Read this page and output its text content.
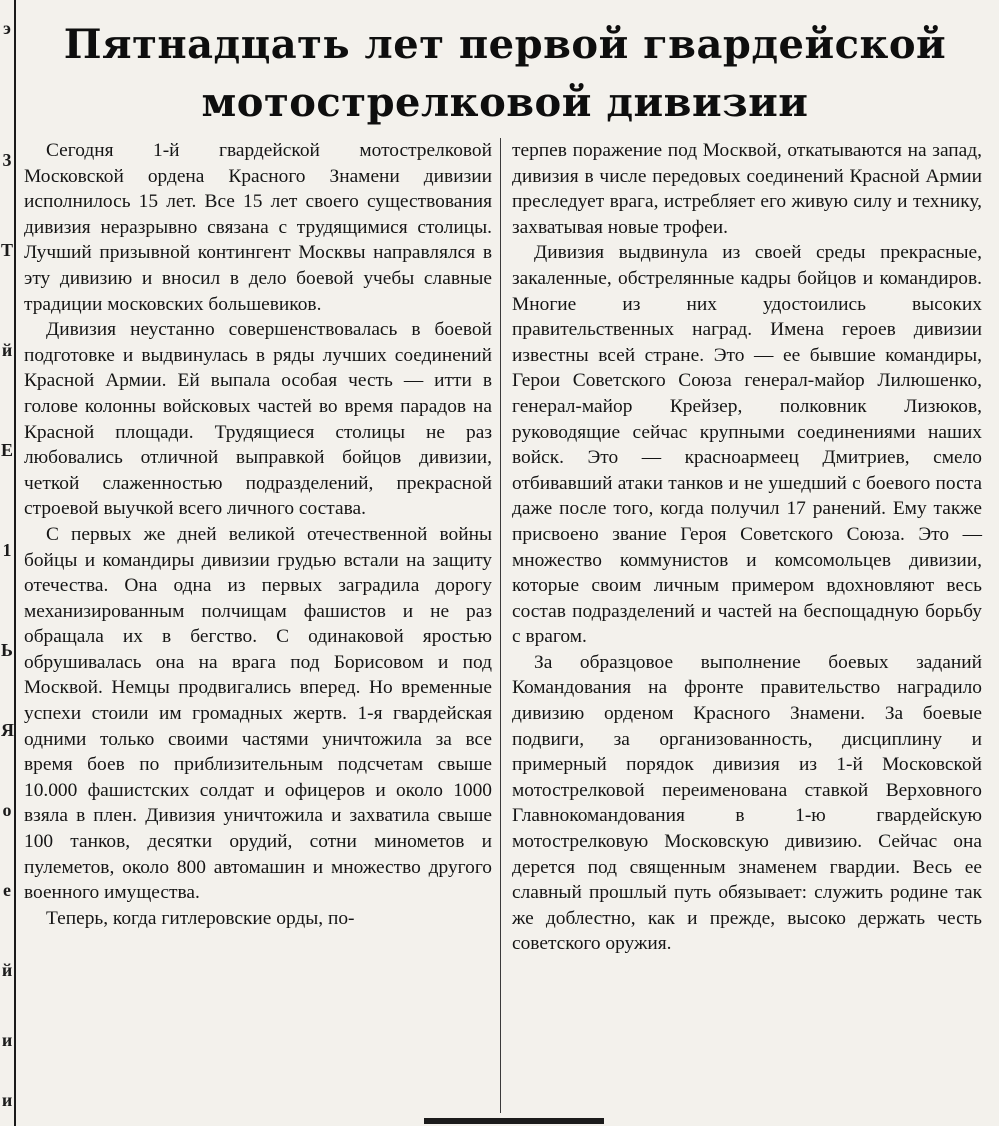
э
3
Т
й
Е
1
Ь
Я
о
е
й
и
и
Пятнадцать лет первой гвардейской
мотострелковой дивизии

Сегодня 1-й гвардейской мотострелковой Московской ордена Красного Знамени дивизии исполнилось 15 лет. Все 15 лет своего существования дивизия неразрывно связана с трудящимися столицы. Лучший призывной контингент Москвы направлялся в эту дивизию и вносил в дело боевой учебы славные традиции московских большевиков.

Дивизия неустанно совершенствовалась в боевой подготовке и выдвинулась в ряды лучших соединений Красной Армии. Ей выпала особая честь — итти в голове колонны войсковых частей во время парадов на Красной площади. Трудящиеся столицы не раз любовались отличной выправкой бойцов дивизии, четкой слаженностью подразделений, прекрасной строевой выучкой всего личного состава.

С первых же дней великой отечественной войны бойцы и командиры дивизии грудью встали на защиту отечества. Она одна из первых заградила дорогу механизированным полчищам фашистов и не раз обращала их в бегство. С одинаковой яростью обрушивалась она на врага под Борисовом и под Москвой. Немцы продвигались вперед. Но временные успехи стоили им громадных жертв. 1-я гвардейская одними только своими частями уничтожила за все время боев по приблизительным подсчетам свыше 10.000 фашистских солдат и офицеров и около 1000 взяла в плен. Дивизия уничтожила и захватила свыше 100 танков, десятки орудий, сотни минометов и пулеметов, около 800 автомашин и множество другого военного имущества.

Теперь, когда гитлеровские орды, по-

терпев поражение под Москвой, откатываются на запад, дивизия в числе передовых соединений Красной Армии преследует врага, истребляет его живую силу и технику, захватывая новые трофеи.

Дивизия выдвинула из своей среды прекрасные, закаленные, обстрелянные кадры бойцов и командиров. Многие из них удостоились высоких правительственных наград. Имена героев дивизии известны всей стране. Это — ее бывшие командиры, Герои Советского Союза генерал-майор Лилюшенко, генерал-майор Крейзер, полковник Лизюков, руководящие сейчас крупными соединениями наших войск. Это — красноармеец Дмитриев, смело отбивавший атаки танков и не ушедший с боевого поста даже после того, когда получил 17 ранений. Ему также присвоено звание Героя Советского Союза. Это — множество коммунистов и комсомольцев дивизии, которые своим личным примером вдохновляют весь состав подразделений и частей на беспощадную борьбу с врагом.

За образцовое выполнение боевых заданий Командования на фронте правительство наградило дивизию орденом Красного Знамени. За боевые подвиги, за организованность, дисциплину и примерный порядок дивизия из 1-й Московской мотострелковой переименована ставкой Верховного Главнокомандования в 1-ю гвардейскую мотострелковую Московскую дивизию. Сейчас она дерется под священным знаменем гвардии. Весь ее славный прошлый путь обязывает: служить родине так же доблестно, как и прежде, высоко держать честь советского оружия.
